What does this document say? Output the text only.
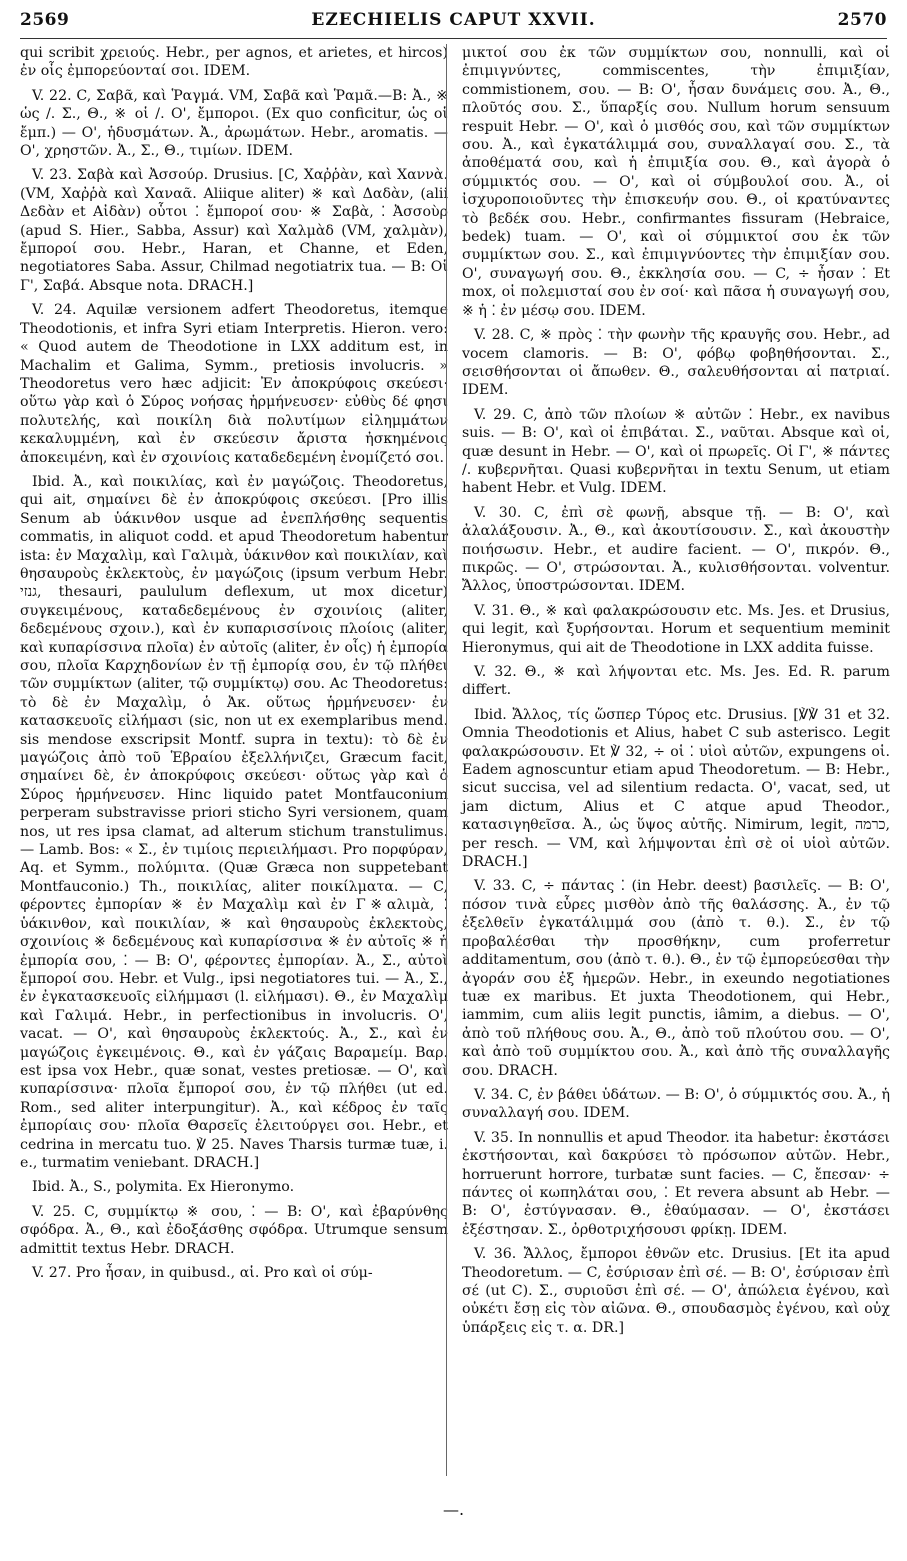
2569	EZECHIELIS CAPUT XXVII.	2570

qui scribit χρειούς. Hebr., per agnos, et arietes, et hircos) ἐν οἷς ἐμπορεύονταί σοι. IDEM.

V. 22. C, Σαβᾶ, καὶ Ῥαγμά. VM, Σαβᾶ καὶ Ῥαμᾶ.—B: Ἀ., ※ ὡς /. Σ., Θ., ※ οἱ /. O', ἔμποροι. (Ex quo conficitur, ὡς οἱ ἔμπ.) — O', ἡδυσμάτων. Ἀ., ἀρωμάτων. Hebr., aromatis. — O', χρηστῶν. Ἀ., Σ., Θ., τιμίων. IDEM.

V. 23. Σαβὰ καὶ Ἀσσούρ. Drusius. [C, Χαῤῥὰν, καὶ Χαννὰ. (VM, Χαῤῥὰ καὶ Χαναᾶ. Aliique aliter) ※ καὶ Δαδὰν, (alii Δεδὰν et Αἰδὰν) οὗτοι ⁚ ἔμποροί σου· ※ Σαβὰ, ⁚ Ἀσσοὺρ (apud S. Hier., Sabba, Assur) καὶ Χαλμὰδ (VM, χαλμὰν), ἔμποροί σου. Hebr., Haran, et Channe, et Eden, negotiatores Saba. Assur, Chilmad negotiatrix tua. — B: Οἱ Γ', Σαβά. Absque nota. DRACH.]

V. 24. Aquilæ versionem adfert Theodoretus, itemque Theodotionis, et infra Syri etiam Interpretis. Hieron. vero: « Quod autem de Theodotione in LXX additum est, in Machalim et Galima, Symm., pretiosis involucris. » Theodoretus vero hæc adjicit: Ἐν ἀποκρύφοις σκεύεσι· οὕτω γὰρ καὶ ὁ Σύρος νοήσας ἡρμήνευσεν· εὐθὺς δέ φησι πολυτελής, καὶ ποικίλη διὰ πολυτίμων εἰλημμάτων κεκαλυμμένη, καὶ ἐν σκεύεσιν ἄριστα ἠσκημένοις ἀποκειμένη, καὶ ἐν σχοινίοις καταδεδεμένη ἐνομίζετό σοι.

Ibid. Ἀ., καὶ ποικιλίας, καὶ ἐν μαγώζοις. Theodoretus, qui ait, σημαίνει δὲ ἐν ἀποκρύφοις σκεύεσι. [Pro illis Senum ab ὑάκινθον usque ad ἐνεπλήσθης sequentis commatis, in aliquot codd. et apud Theodoretum habentur ista: ἐν Μαχαλὶμ, καὶ Γαλιμὰ, ὑάκινθον καὶ ποικιλίαν, καὶ θησαυροὺς ἐκλεκτοὺς, ἐν μαγώζοις (ipsum verbum Hebr. גנזי, thesauri, paululum deflexum, ut mox dicetur) συγκειμένους, καταδεδεμένους ἐν σχοινίοις (aliter, δεδεμένους σχοιν.), καὶ ἐν κυπαρισσίνοις πλοίοις (aliter, καὶ κυπαρίσσινα πλοῖα) ἐν αὐτοῖς (aliter, ἐν οἷς) ἡ ἐμπορία σου, πλοῖα Καρχηδονίων ἐν τῇ ἐμπορίᾳ σου, ἐν τῷ πλήθει τῶν συμμίκτων (aliter, τῷ συμμίκτῳ) σου. Ac Theodoretus: τὸ δὲ ἐν Μαχαλὶμ, ὁ Ἀκ. οὕτως ἡρμήνευσεν· ἐν κατασκευοῖς εἰλήμασι (sic, non ut ex exemplaribus mend. sis mendose exscripsit Montf. supra in textu): τὸ δὲ ἐν μαγώζοις ἀπὸ τοῦ Ἑβραίου ἐξελλήνιζει, Græcum facit, σημαίνει δὲ, ἐν ἀποκρύφοις σκεύεσι· οὕτως γὰρ καὶ ὁ Σύρος ἡρμήνευσεν. Hinc liquido patet Montfauconium perperam substravisse priori sticho Syri versionem, quam nos, ut res ipsa clamat, ad alterum stichum transtulimus. — Lamb. Bos: « Σ., ἐν τιμίοις περιειλήμασι. Pro πορφύραν, Aq. et Symm., πολύμιτα. (Quæ Græca non suppetebant Montfauconio.) Th., ποικιλίας, aliter ποικίλματα. — C, φέροντες ἐμπορίαν ※ ἐν Μαχαλὶμ καὶ ἐν Γ※αλιμὰ, ⁚ ὑάκινθον, καὶ ποικιλίαν, ※ καὶ θησαυροὺς ἐκλεκτοὺς, σχοινίοις ※ δεδεμένους καὶ κυπαρίσσινα ※ ἐν αὐτοῖς ※ ἡ ἐμπορία σου, ⁚ — B: O', φέροντες ἐμπορίαν. Ἀ., Σ., αὐτοὶ ἔμποροί σου. Hebr. et Vulg., ipsi negotiatores tui. — Ἀ., Σ., ἐν ἐγκατασκευοῖς εἰλήμμασι (l. εἰλήμασι). Θ., ἐν Μαχαλὶμ καὶ Γαλιμά. Hebr., in perfectionibus in involucris. O', vacat. — O', καὶ θησαυροὺς ἐκλεκτούς. Ἀ., Σ., καὶ ἐν μαγώζοις ἐγκειμένοις. Θ., καὶ ἐν γάζαις Βαραμείμ. Βαρ. est ipsa vox Hebr., quæ sonat, vestes pretiosæ. — O', καὶ κυπαρίσσινα· πλοῖα ἔμποροί σου, ἐν τῷ πλήθει (ut ed. Rom., sed aliter interpungitur). Ἀ., καὶ κέδρος ἐν ταῖς ἐμπορίαις σου· πλοῖα Θαρσεῖς ἐλειτούργει σοι. Hebr., et cedrina in mercatu tuo. ℣ 25. Naves Tharsis turmæ tuæ, i. e., turmatim veniebant. DRACH.]

Ibid. Ἀ., S., polymita. Ex Hieronymo.

V. 25. C, συμμίκτῳ ※ σου, ⁚ — B: O', καὶ ἐβαρύνθης σφόδρα. Ἀ., Θ., καὶ ἐδοξάσθης σφόδρα. Utrumque sensum admittit textus Hebr. DRACH.

V. 27. Pro ἦσαν, in quibusd., αἱ. Pro καὶ οἱ σύμ-

μικτοί σου ἐκ τῶν συμμίκτων σου, nonnulli, καὶ οἱ ἐπιμιγνύντες, commiscentes, τὴν ἐπιμιξίαν, commistionem, σου. — B: O', ἦσαν δυνάμεις σου. Ἀ., Θ., πλοῦτός σου. Σ., ὕπαρξίς σου. Nullum horum sensuum respuit Hebr. — O', καὶ ὁ μισθός σου, καὶ τῶν συμμίκτων σου. Ἀ., καὶ ἐγκατάλιμμά σου, συναλλαγαί σου. Σ., τὰ ἀποθέματά σου, καὶ ἡ ἐπιμιξία σου. Θ., καὶ ἀγορὰ ὁ σύμμικτός σου. — O', καὶ οἱ σύμβουλοί σου. Ἀ., οἱ ἰσχυροποιοῦντες τὴν ἐπισκευήν σου. Θ., οἱ κρατύναντες τὸ βεδέκ σου. Hebr., confirmantes fissuram (Hebraice, bedek) tuam. — O', καὶ οἱ σύμμικτοί σου ἐκ τῶν συμμίκτων σου. Σ., καὶ ἐπιμιγνύοντες τὴν ἐπιμιξίαν σου. O', συναγωγή σου. Θ., ἐκκλησία σου. — C, ÷ ἦσαν ⁚ Et mox, οἱ πολεμισταί σου ἐν σοί· καὶ πᾶσα ἡ συναγωγή σου, ※ ἡ ⁚ ἐν μέσῳ σου. IDEM.

V. 28. C, ※ πρὸς ⁚ τὴν φωνὴν τῆς κραυγῆς σου. Hebr., ad vocem clamoris. — B: O', φόβῳ φοβηθήσονται. Σ., σεισθήσονται οἱ ἄπωθεν. Θ., σαλευθήσονται αἱ πατριαί. IDEM.

V. 29. C, ἀπὸ τῶν πλοίων ※ αὐτῶν ⁚ Hebr., ex navibus suis. — B: O', καὶ οἱ ἐπιβάται. Σ., ναῦται. Absque καὶ οἱ, quæ desunt in Hebr. — O', καὶ οἱ πρωρεῖς. Οἱ Γ', ※ πάντες /. κυβερνῆται. Quasi κυβερνῆται in textu Senum, ut etiam habent Hebr. et Vulg. IDEM.

V. 30. C, ἐπὶ σὲ φωνῇ, absque τῇ. — B: O', καὶ ἀλαλάξουσιν. Ἀ., Θ., καὶ ἀκουτίσουσιν. Σ., καὶ ἀκουστὴν ποιήσωσιν. Hebr., et audire facient. — O', πικρόν. Θ., πικρῶς. — O', στρώσονται. Ἀ., κυλισθήσονται. volventur. Ἄλλος, ὑποστρώσονται. IDEM.

V. 31. Θ., ※ καὶ φαλακρώσουσιν etc. Ms. Jes. et Drusius, qui legit, καὶ ξυρήσονται. Horum et sequentium meminit Hieronymus, qui ait de Theodotione in LXX addita fuisse.

V. 32. Θ., ※ καὶ λήψονται etc. Ms. Jes. Ed. R. parum differt.

Ibid. Ἄλλος, τίς ὥσπερ Τύρος etc. Drusius. [℣℣ 31 et 32. Omnia Theodotionis et Alius, habet C sub asterisco. Legit φαλακρώσουσιν. Et ℣ 32, ÷ οἱ ⁚ υἱοὶ αὐτῶν, expungens οἱ. Eadem agnoscuntur etiam apud Theodoretum. — B: Hebr., sicut succisa, vel ad silentium redacta. O', vacat, sed, ut jam dictum, Alius et C atque apud Theodor., κατασιγηθεῖσα. Ἀ., ὡς ὕψος αὐτῆς. Nimirum, legit, כרמה, per resch. — VM, καὶ λήμψονται ἐπὶ σὲ οἱ υἱοὶ αὐτῶν. DRACH.]

V. 33. C, ÷ πάντας ⁚ (in Hebr. deest) βασιλεῖς. — B: O', πόσον τινὰ εὗρες μισθὸν ἀπὸ τῆς θαλάσσης. Ἀ., ἐν τῷ ἐξελθεῖν ἐγκατάλιμμά σου (ἀπὸ τ. θ.). Σ., ἐν τῷ προβαλέσθαι τὴν προσθήκην, cum proferretur additamentum, σου (ἀπὸ τ. θ.). Θ., ἐν τῷ ἐμπορεύεσθαι τὴν ἀγοράν σου ἐξ ἡμερῶν. Hebr., in exeundo negotiationes tuæ ex maribus. Et juxta Theodotionem, qui Hebr., iammim, cum aliis legit punctis, iâmim, a diebus. — O', ἀπὸ τοῦ πλήθους σου. Ἀ., Θ., ἀπὸ τοῦ πλούτου σου. — O', καὶ ἀπὸ τοῦ συμμίκτου σου. Ἀ., καὶ ἀπὸ τῆς συναλλαγῆς σου. DRACH.

V. 34. C, ἐν βάθει ὑδάτων. — B: O', ὁ σύμμικτός σου. Ἀ., ἡ συναλλαγή σου. IDEM.

V. 35. In nonnullis et apud Theodor. ita habetur: ἐκστάσει ἐκστήσονται, καὶ δακρύσει τὸ πρόσωπον αὐτῶν. Hebr., horruerunt horrore, turbatæ sunt facies. — C, ἔπεσαν· ÷ πάντες οἱ κωπηλάται σου, ⁚ Et revera absunt ab Hebr. — B: O', ἐστύγνασαν. Θ., ἐθαύμασαν. — O', ἐκστάσει ἐξέστησαν. Σ., ὀρθοτριχήσουσι φρίκῃ. IDEM.

V. 36. Ἄλλος, ἔμποροι ἐθνῶν etc. Drusius. [Et ita apud Theodoretum. — C, ἐσύρισαν ἐπὶ σέ. — B: O', ἐσύρισαν ἐπὶ σέ (ut C). Σ., συριοῦσι ἐπὶ σέ. — O', ἀπώλεια ἐγένου, καὶ οὐκέτι ἔσῃ εἰς τὸν αἰῶνα. Θ., σπουδασμὸς ἐγένου, καὶ οὐχ ὑπάρξεις εἰς τ. α. DR.]

—.
